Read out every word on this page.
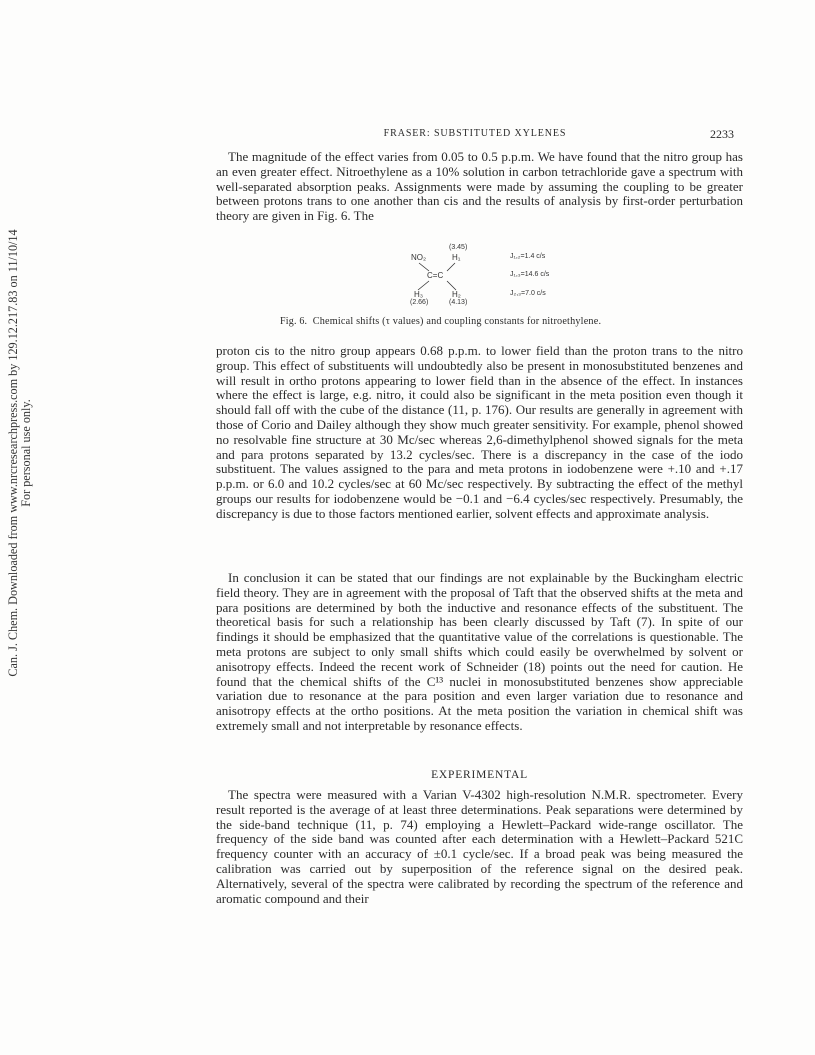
Can. J. Chem. Downloaded from www.nrcresearchpress.com by 129.12.217.83 on 11/10/14 For personal use only.
FRASER: SUBSTITUTED XYLENES	2233

The magnitude of the effect varies from 0.05 to 0.5 p.p.m. We have found that the nitro group has an even greater effect. Nitroethylene as a 10% solution in carbon tetrachloride gave a spectrum with well-separated absorption peaks. Assignments were made by assuming the coupling to be greater between protons trans to one another than cis and the results of analysis by first-order perturbation theory are given in Fig. 6. The

(3.45)
NO₂	H₁
C=C
H₃	H₂
(2.66)	(4.13)
J₁,₂=1.4 c/s
J₁,₃=14.6 c/s
J₂,₃=7.0 c/s
Fig. 6. Chemical shifts (τ values) and coupling constants for nitroethylene.

proton cis to the nitro group appears 0.68 p.p.m. to lower field than the proton trans to the nitro group. This effect of substituents will undoubtedly also be present in monosubstituted benzenes and will result in ortho protons appearing to lower field than in the absence of the effect. In instances where the effect is large, e.g. nitro, it could also be significant in the meta position even though it should fall off with the cube of the distance (11, p. 176). Our results are generally in agreement with those of Corio and Dailey although they show much greater sensitivity. For example, phenol showed no resolvable fine structure at 30 Mc/sec whereas 2,6-dimethylphenol showed signals for the meta and para protons separated by 13.2 cycles/sec. There is a discrepancy in the case of the iodo substituent. The values assigned to the para and meta protons in iodobenzene were +.10 and +.17 p.p.m. or 6.0 and 10.2 cycles/sec at 60 Mc/sec respectively. By subtracting the effect of the methyl groups our results for iodobenzene would be −0.1 and −6.4 cycles/sec respectively. Presumably, the discrepancy is due to those factors mentioned earlier, solvent effects and approximate analysis.

In conclusion it can be stated that our findings are not explainable by the Buckingham electric field theory. They are in agreement with the proposal of Taft that the observed shifts at the meta and para positions are determined by both the inductive and resonance effects of the substituent. The theoretical basis for such a relationship has been clearly discussed by Taft (7). In spite of our findings it should be emphasized that the quantitative value of the correlations is questionable. The meta protons are subject to only small shifts which could easily be overwhelmed by solvent or anisotropy effects. Indeed the recent work of Schneider (18) points out the need for caution. He found that the chemical shifts of the C¹³ nuclei in monosubstituted benzenes show appreciable variation due to resonance at the para position and even larger variation due to resonance and anisotropy effects at the ortho positions. At the meta position the variation in chemical shift was extremely small and not interpretable by resonance effects.

EXPERIMENTAL

The spectra were measured with a Varian V-4302 high-resolution N.M.R. spectrometer. Every result reported is the average of at least three determinations. Peak separations were determined by the side-band technique (11, p. 74) employing a Hewlett–Packard wide-range oscillator. The frequency of the side band was counted after each determination with a Hewlett–Packard 521C frequency counter with an accuracy of ±0.1 cycle/sec. If a broad peak was being measured the calibration was carried out by superposition of the reference signal on the desired peak. Alternatively, several of the spectra were calibrated by recording the spectrum of the reference and aromatic compound and their
